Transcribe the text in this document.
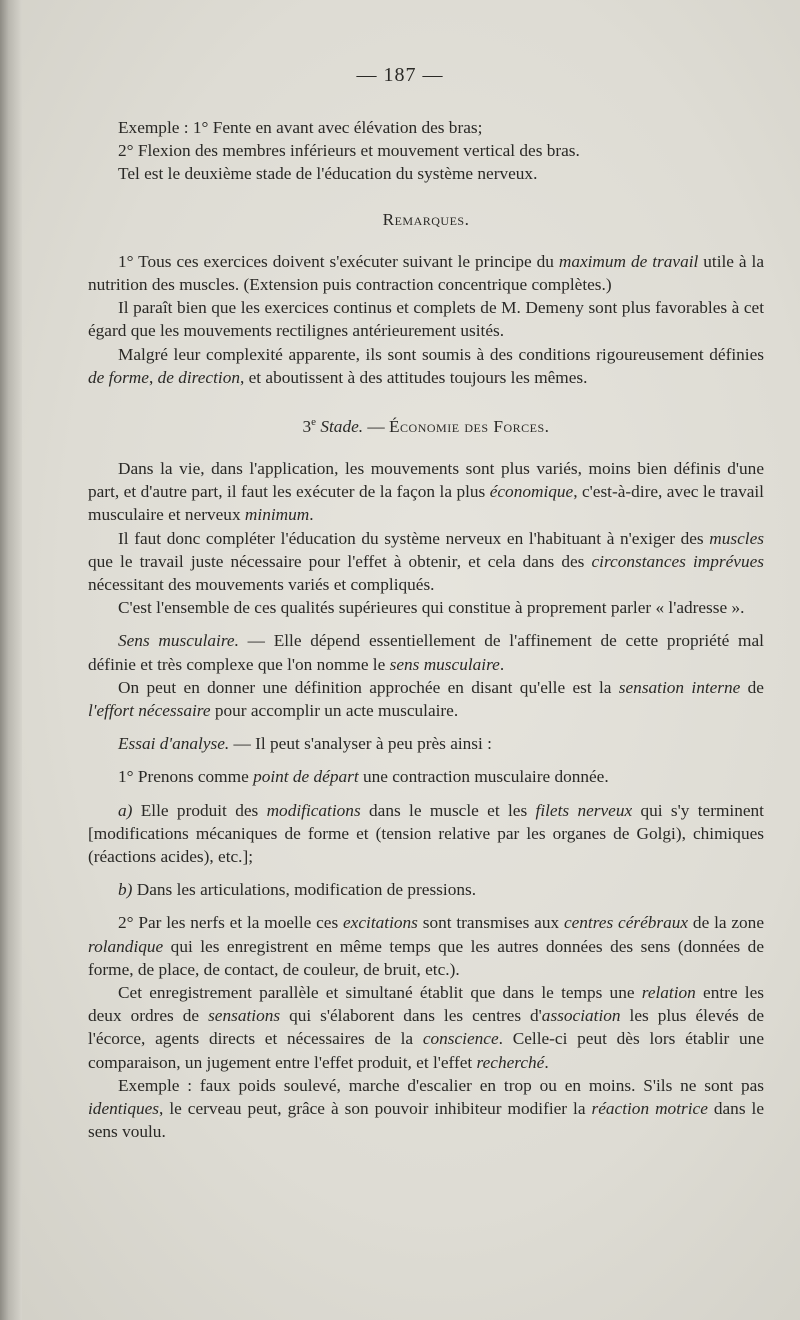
— 187 —

Exemple : 1° Fente en avant avec élévation des bras;

2° Flexion des membres inférieurs et mouvement vertical des bras.

Tel est le deuxième stade de l'éducation du système nerveux.

Remarques.

1° Tous ces exercices doivent s'exécuter suivant le principe du maximum de travail utile à la nutrition des muscles. (Extension puis contraction concentrique complètes.)

Il paraît bien que les exercices continus et complets de M. Demeny sont plus favorables à cet égard que les mouvements rectilignes antérieurement usités.

Malgré leur complexité apparente, ils sont soumis à des conditions rigoureusement définies de forme, de direction, et aboutissent à des attitudes toujours les mêmes.

3e Stade. — Économie des Forces.

Dans la vie, dans l'application, les mouvements sont plus variés, moins bien définis d'une part, et d'autre part, il faut les exécuter de la façon la plus économique, c'est-à-dire, avec le travail musculaire et nerveux minimum.

Il faut donc compléter l'éducation du système nerveux en l'habituant à n'exiger des muscles que le travail juste nécessaire pour l'effet à obtenir, et cela dans des circonstances imprévues nécessitant des mouvements variés et compliqués.

C'est l'ensemble de ces qualités supérieures qui constitue à proprement parler « l'adresse ».

Sens musculaire. — Elle dépend essentiellement de l'affinement de cette propriété mal définie et très complexe que l'on nomme le sens musculaire.

On peut en donner une définition approchée en disant qu'elle est la sensation interne de l'effort nécessaire pour accomplir un acte musculaire.

Essai d'analyse. — Il peut s'analyser à peu près ainsi :

1° Prenons comme point de départ une contraction musculaire donnée.

a) Elle produit des modifications dans le muscle et les filets nerveux qui s'y terminent [modifications mécaniques de forme et (tension relative par les organes de Golgi), chimiques (réactions acides), etc.];

b) Dans les articulations, modification de pressions.

2° Par les nerfs et la moelle ces excitations sont transmises aux centres cérébraux de la zone rolandique qui les enregistrent en même temps que les autres données des sens (données de forme, de place, de contact, de couleur, de bruit, etc.).

Cet enregistrement parallèle et simultané établit que dans le temps une relation entre les deux ordres de sensations qui s'élaborent dans les centres d'association les plus élevés de l'écorce, agents directs et nécessaires de la conscience. Celle-ci peut dès lors établir une comparaison, un jugement entre l'effet produit, et l'effet recherché.

Exemple : faux poids soulevé, marche d'escalier en trop ou en moins. S'ils ne sont pas identiques, le cerveau peut, grâce à son pouvoir inhibiteur modifier la réaction motrice dans le sens voulu.
